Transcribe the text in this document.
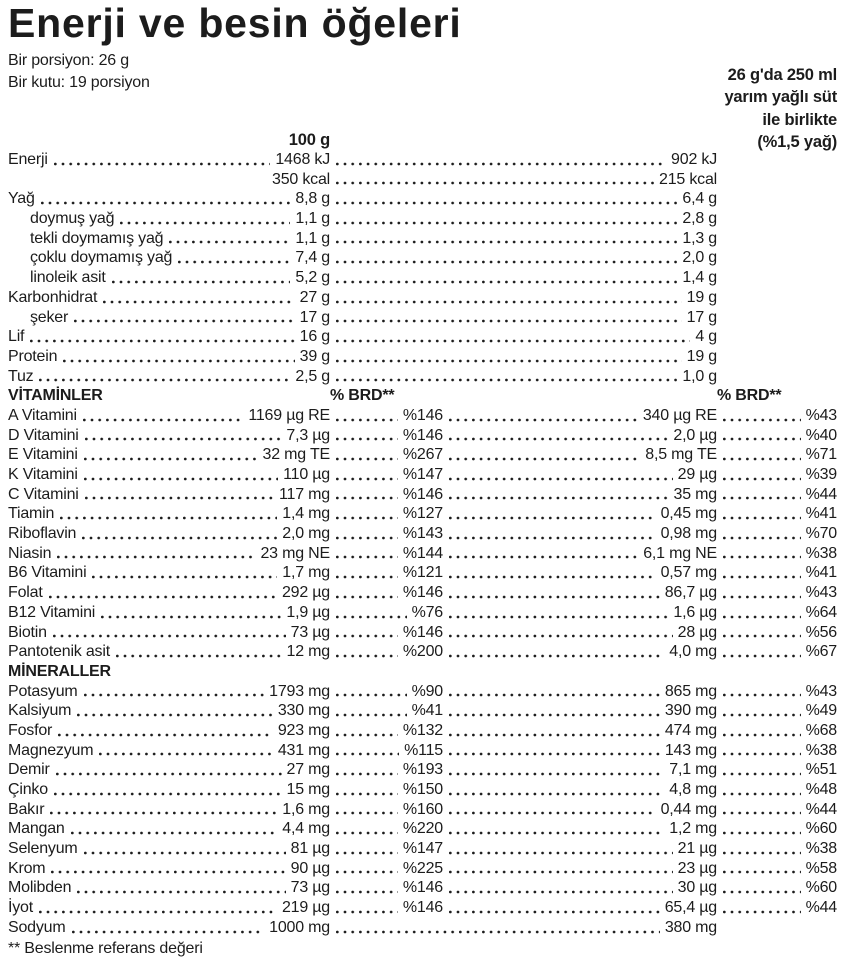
Enerji ve besin öğeleri
Bir porsiyon: 26 g
Bir kutu: 19 porsiyon	26 g'da 250 ml
yarım yağlı süt
ile birlikte
(%1,5 yağ)
100 g
Enerji	1468 kJ	902 kJ
350 kcal	215 kcal
Yağ	8,8 g	6,4 g
doymuş yağ	1,1 g	2,8 g
tekli doymamış yağ	1,1 g	1,3 g
çoklu doymamış yağ	7,4 g	2,0 g
linoleik asit	5,2 g	1,4 g
Karbonhidrat	27 g	19 g
şeker	17 g	17 g
Lif	16 g	4 g
Protein	39 g	19 g
Tuz	2,5 g	1,0 g
VİTAMİNLER	% BRD**	% BRD**
A Vitamini	1169 µg RE	%146	340 µg RE	%43
D Vitamini	7,3 µg	%146	2,0 µg	%40
E Vitamini	32 mg TE	%267	8,5 mg TE	%71
K Vitamini	110 µg	%147	29 µg	%39
C Vitamini	117 mg	%146	35 mg	%44
Tiamin	1,4 mg	%127	0,45 mg	%41
Riboflavin	2,0 mg	%143	0,98 mg	%70
Niasin	23 mg NE	%144	6,1 mg NE	%38
B6 Vitamini	1,7 mg	%121	0,57 mg	%41
Folat	292 µg	%146	86,7 µg	%43
B12 Vitamini	1,9 µg	%76	1,6 µg	%64
Biotin	73 µg	%146	28 µg	%56
Pantotenik asit	12 mg	%200	4,0 mg	%67
MİNERALLER
Potasyum	1793 mg	%90	865 mg	%43
Kalsiyum	330 mg	%41	390 mg	%49
Fosfor	923 mg	%132	474 mg	%68
Magnezyum	431 mg	%115	143 mg	%38
Demir	27 mg	%193	7,1 mg	%51
Çinko	15 mg	%150	4,8 mg	%48
Bakır	1,6 mg	%160	0,44 mg	%44
Mangan	4,4 mg	%220	1,2 mg	%60
Selenyum	81 µg	%147	21 µg	%38
Krom	90 µg	%225	23 µg	%58
Molibden	73 µg	%146	30 µg	%60
İyot	219 µg	%146	65,4 µg	%44
Sodyum	1000 mg	380 mg
** Beslenme referans değeri
